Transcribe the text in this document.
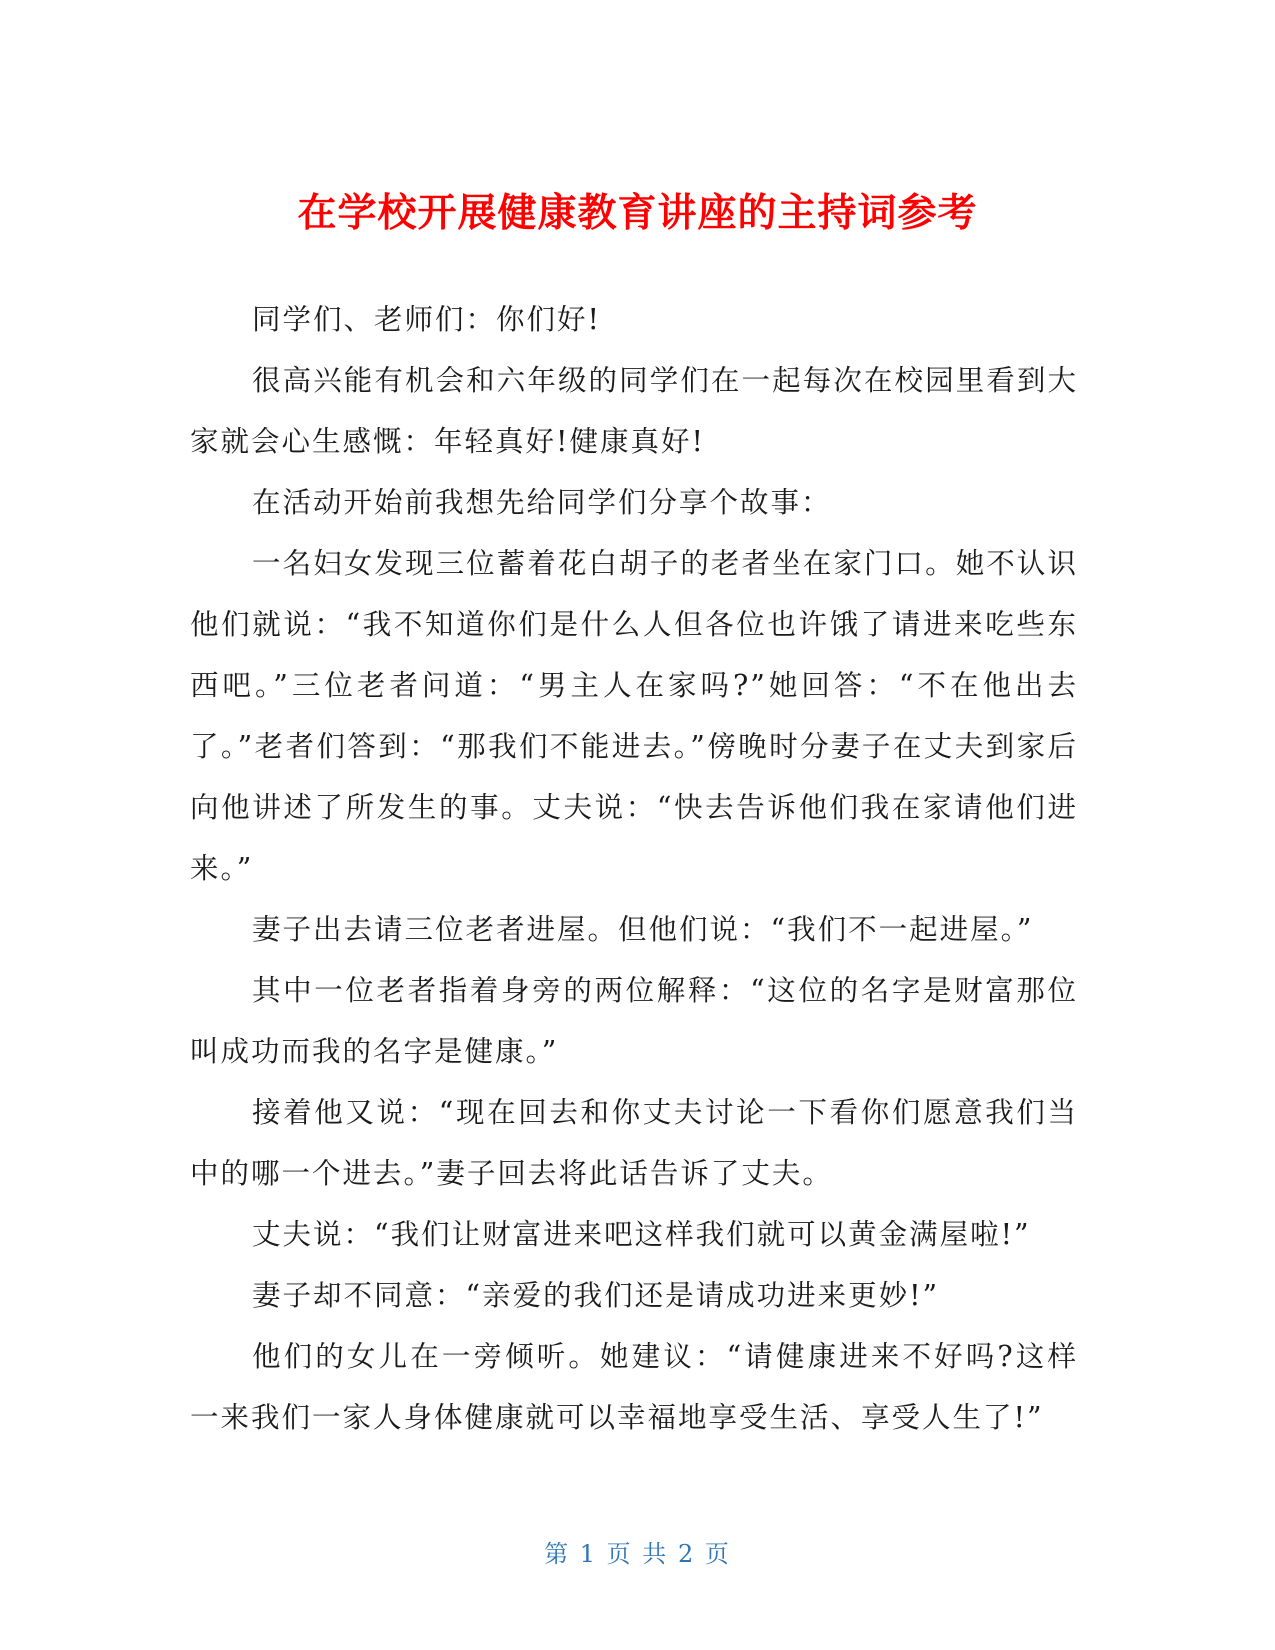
在学校开展健康教育讲座的主持词参考

同学们、老师们：你们好!

很高兴能有机会和六年级的同学们在一起每次在校园里看到大家就会心生感慨：年轻真好!健康真好!

在活动开始前我想先给同学们分享个故事：

一名妇女发现三位蓄着花白胡子的老者坐在家门口。她不认识他们就说：“我不知道你们是什么人但各位也许饿了请进来吃些东西吧。”三位老者问道：“男主人在家吗?”她回答：“不在他出去了。”老者们答到：“那我们不能进去。”傍晚时分妻子在丈夫到家后向他讲述了所发生的事。丈夫说：“快去告诉他们我在家请他们进来。”

妻子出去请三位老者进屋。但他们说：“我们不一起进屋。”

其中一位老者指着身旁的两位解释：“这位的名字是财富那位叫成功而我的名字是健康。”

接着他又说：“现在回去和你丈夫讨论一下看你们愿意我们当中的哪一个进去。”妻子回去将此话告诉了丈夫。

丈夫说：“我们让财富进来吧这样我们就可以黄金满屋啦!”

妻子却不同意：“亲爱的我们还是请成功进来更妙!”

他们的女儿在一旁倾听。她建议：“请健康进来不好吗?这样一来我们一家人身体健康就可以幸福地享受生活、享受人生了!”

第 1 页 共 2 页
